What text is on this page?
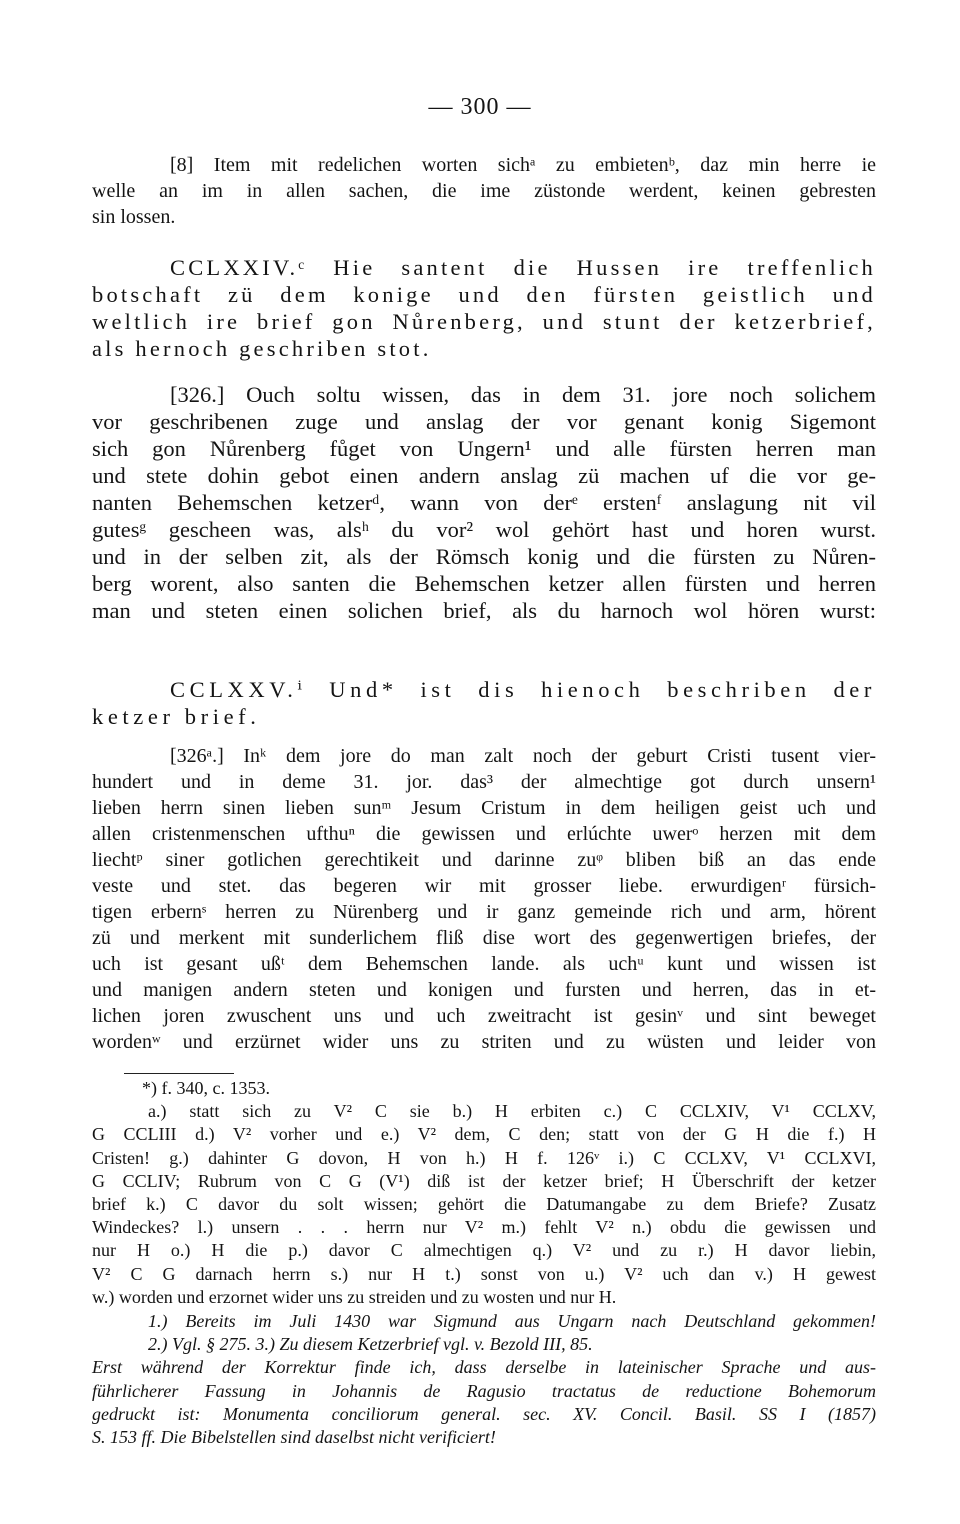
— 300 —
[8] Item mit redelichen worten sichᵃ zu embietenᵇ, daz min herre ie
welle an im in allen sachen, die ime züstonde werdent, keinen gebresten
sin lossen.
CCLXXIV.ᶜ Hie santent die Hussen ire treffenlich
botschaft zü dem konige und den fürsten geistlich und
weltlich ire brief gon Nůrenberg, und stunt der ketzerbrief,
als hernoch geschriben stot.
[326.] Ouch soltu wissen, das in dem 31. jore noch solichem
vor geschribenen zuge und anslag der vor genant konig Sigemont
sich gon Nůrenberg fůget von Ungern¹ und alle fürsten herren man
und stete dohin gebot einen andern anslag zü machen uf die vor ge-
nanten Behemschen ketzerᵈ, wann von derᵉ erstenᶠ anslagung nit vil
gutesᵍ gescheen was, alsʰ du vor² wol gehört hast und horen wurst.
und in der selben zit, als der Römsch konig und die fürsten zu Nůren-
berg worent, also santen die Behemschen ketzer allen fürsten und herren
man und steten einen solichen brief, als du harnoch wol hören wurst:
CCLXXV.ⁱ Und* ist dis hienoch beschriben der
ketzer brief.
[326ᵃ.] Inᵏ dem jore do man zalt noch der geburt Cristi tusent vier-
hundert und in deme 31. jor. das³ der almechtige got durch unsern¹
lieben herrn sinen lieben sunᵐ Jesum Cristum in dem heiligen geist uch und
allen cristenmenschen ufthuⁿ die gewissen und erlúchte uwerᵒ herzen mit dem
liechtᵖ siner gotlichen gerechtikeit und darinne zuᵠ bliben biß an das ende
veste und stet. das begeren wir mit grosser liebe. erwurdigenʳ fürsich-
tigen erbernˢ herren zu Nürenberg und ir ganz gemeinde rich und arm, hörent
zü und merkent mit sunderlichem fliß dise wort des gegenwertigen briefes, der
uch ist gesant ußᵗ dem Behemschen lande. als uchᵘ kunt und wissen ist
und manigen andern steten und konigen und fursten und herren, das in et-
lichen joren zwuschent uns und uch zweitracht ist gesinᵛ und sint beweget
wordenʷ und erzürnet wider uns zu striten und zu wüsten und leider von
*) f. 340, c. 1353.
a.) statt sich zu V² C sie b.) H erbiten c.) C CCLXIV, V¹ CCLXV,
G CCLIII d.) V² vorher und e.) V² dem, C den; statt von der G H die f.) H
Cristen! g.) dahinter G dovon, H von h.) H f. 126ᵛ i.) C CCLXV, V¹ CCLXVI,
G CCLIV; Rubrum von C G (V¹) diß ist der ketzer brief; H Überschrift der ketzer
brief k.) C davor du solt wissen; gehört die Datumangabe zu dem Briefe? Zusatz
Windeckes? l.) unsern . . . herrn nur V² m.) fehlt V² n.) obdu die gewissen und
nur H o.) H die p.) davor C almechtigen q.) V² und zu r.) H davor liebin,
V² C G darnach herrn s.) nur H t.) sonst von u.) V² uch dan v.) H gewest
w.) worden und erzornet wider uns zu streiden und zu wosten und nur H.
1.) Bereits im Juli 1430 war Sigmund aus Ungarn nach Deutschland gekommen!
2.) Vgl. § 275. 3.) Zu diesem Ketzerbrief vgl. v. Bezold III, 85.
Erst während der Korrektur finde ich, dass derselbe in lateinischer Sprache und aus-
führlicherer Fassung in Johannis de Ragusio tractatus de reductione Bohemorum
gedruckt ist: Monumenta conciliorum general. sec. XV. Concil. Basil. SS I (1857)
S. 153 ff. Die Bibelstellen sind daselbst nicht verificiert!
